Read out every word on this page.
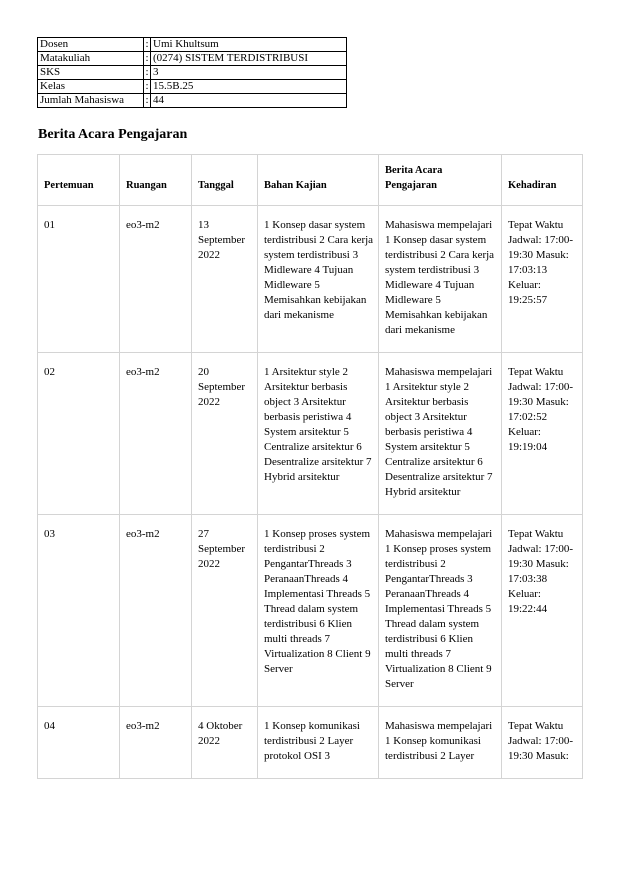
Dosen	:	Umi Khultsum
Matakuliah	:	(0274) SISTEM TERDISTRIBUSI
SKS	:	3
Kelas	:	15.5B.25
Jumlah Mahasiswa	:	44
Berita Acara Pengajaran
Pertemuan	Ruangan	Tanggal	Bahan Kajian	Berita Acara Pengajaran	Kehadiran
01	eo3-m2	13 September 2022	1 Konsep dasar system terdistribusi 2 Cara kerja system terdistribusi 3 Midleware 4 Tujuan Midleware 5 Memisahkan kebijakan dari mekanisme	Mahasiswa mempelajari 1 Konsep dasar system terdistribusi 2 Cara kerja system terdistribusi 3 Midleware 4 Tujuan Midleware 5 Memisahkan kebijakan dari mekanisme	Tepat Waktu Jadwal: 17:00-19:30 Masuk: 17:03:13 Keluar: 19:25:57
02	eo3-m2	20 September 2022	1 Arsitektur style 2 Arsitektur berbasis object 3 Arsitektur berbasis peristiwa 4 System arsitektur 5 Centralize arsitektur 6 Desentralize arsitektur 7 Hybrid arsitektur	Mahasiswa mempelajari 1 Arsitektur style 2 Arsitektur berbasis object 3 Arsitektur berbasis peristiwa 4 System arsitektur 5 Centralize arsitektur 6 Desentralize arsitektur 7 Hybrid arsitektur	Tepat Waktu Jadwal: 17:00-19:30 Masuk: 17:02:52 Keluar: 19:19:04
03	eo3-m2	27 September 2022	1 Konsep proses system terdistribusi 2 PengantarThreads 3 PeranaanThreads 4 Implementasi Threads 5 Thread dalam system terdistribusi 6 Klien multi threads 7 Virtualization 8 Client 9 Server	Mahasiswa mempelajari 1 Konsep proses system terdistribusi 2 PengantarThreads 3 PeranaanThreads 4 Implementasi Threads 5 Thread dalam system terdistribusi 6 Klien multi threads 7 Virtualization 8 Client 9 Server	Tepat Waktu Jadwal: 17:00-19:30 Masuk: 17:03:38 Keluar: 19:22:44
04	eo3-m2	4 Oktober 2022	1 Konsep komunikasi terdistribusi 2 Layer protokol OSI 3	Mahasiswa mempelajari 1 Konsep komunikasi terdistribusi 2 Layer	Tepat Waktu Jadwal: 17:00-19:30 Masuk:
